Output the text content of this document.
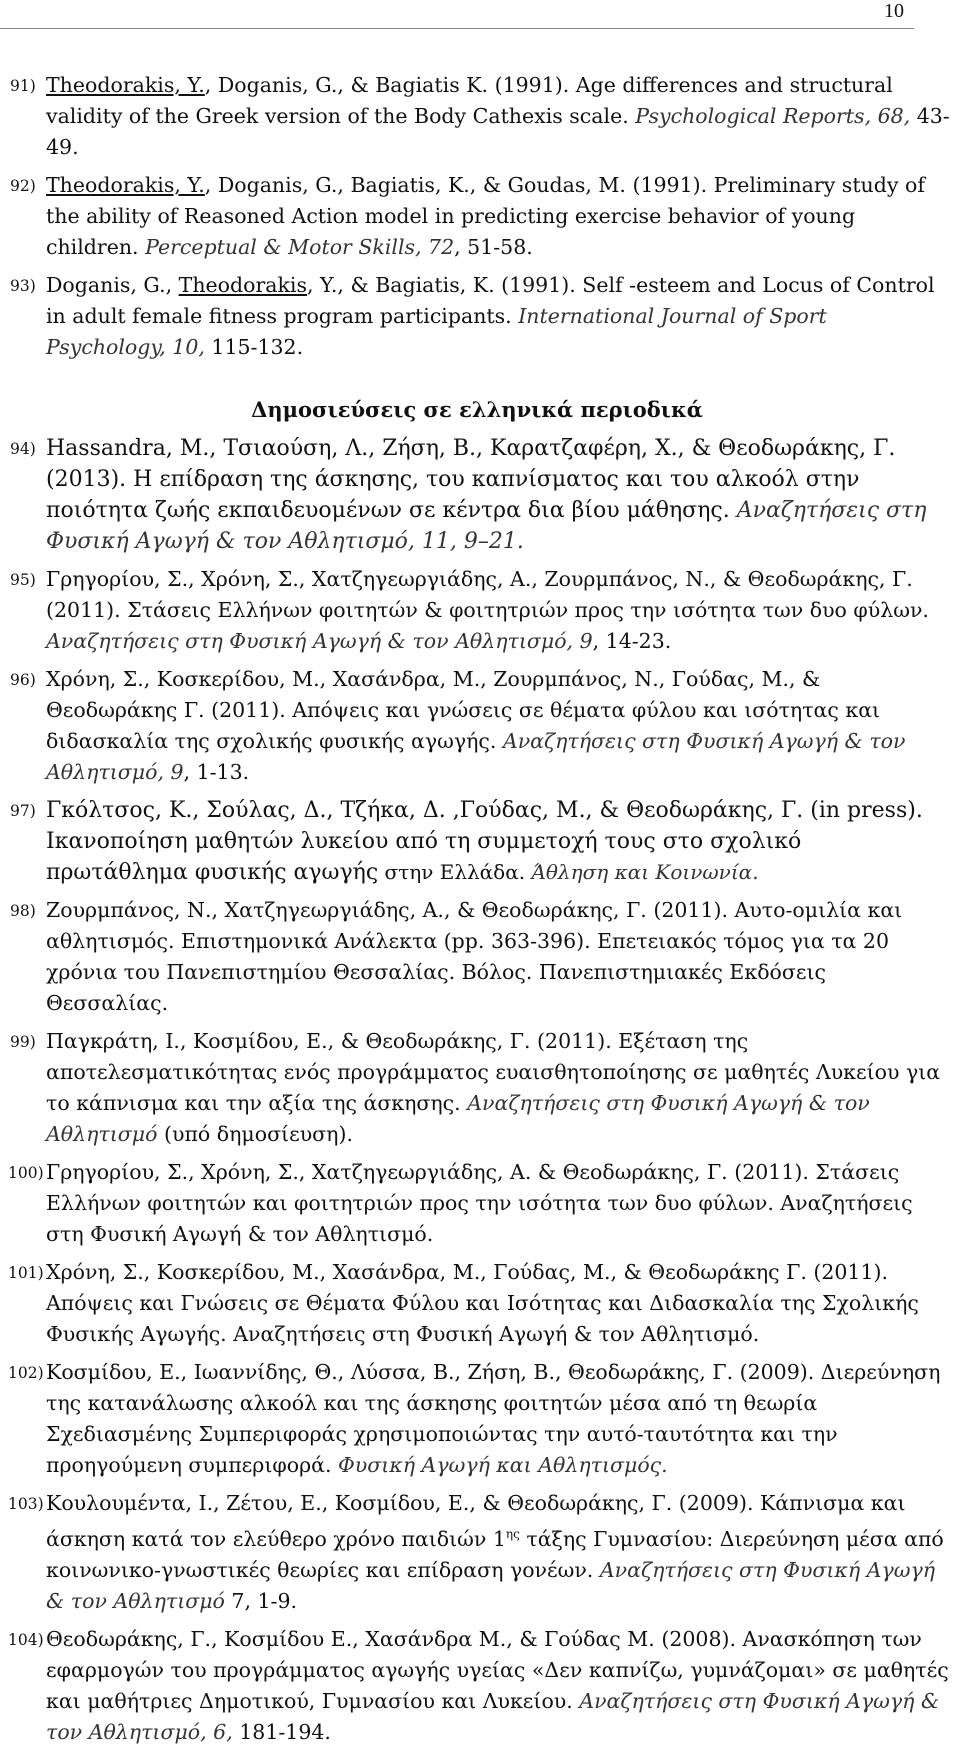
10

91) Theodorakis, Y., Doganis, G., & Bagiatis K. (1991). Age differences and structural validity of the Greek version of the Body Cathexis scale. Psychological Reports, 68, 43-49.

92) Theodorakis, Y., Doganis, G., Bagiatis, K., & Goudas, M. (1991). Preliminary study of the ability of Reasoned Action model in predicting exercise behavior of young children. Perceptual & Motor Skills, 72, 51-58.

93) Doganis, G., Theodorakis, Y., & Bagiatis, K. (1991). Self -esteem and Locus of Control in adult female fitness program participants. International Journal of Sport Psychology, 10, 115-132.

Δημοσιεύσεις σε ελληνικά περιοδικά

94) Hassandra, M., Τσιαούση, Λ., Ζήση, Β., Καρατζαφέρη, Χ., & Θεοδωράκης, Γ. (2013). Η επίδραση της άσκησης, του καπνίσματος και του αλκοόλ στην ποιότητα ζωής εκπαιδευομένων σε κέντρα δια βίου μάθησης. Αναζητήσεις στη Φυσική Αγωγή & τον Αθλητισμό, 11, 9–21.

95) Γρηγορίου, Σ., Χρόνη, Σ., Χατζηγεωργιάδης, Α., Ζουρμπάνος, Ν., & Θεοδωράκης, Γ. (2011). Στάσεις Ελλήνων φοιτητών & φοιτητριών προς την ισότητα των δυο φύλων. Αναζητήσεις στη Φυσική Αγωγή & τον Αθλητισμό, 9, 14-23.

96) Χρόνη, Σ., Κοσκερίδου, Μ., Χασάνδρα, Μ., Ζουρμπάνος, Ν., Γούδας, Μ., & Θεοδωράκης Γ. (2011). Απόψεις και γνώσεις σε θέματα φύλου και ισότητας και διδασκαλία της σχολικής φυσικής αγωγής. Αναζητήσεις στη Φυσική Αγωγή & τον Αθλητισμό, 9, 1-13.

97) Γκόλτσος, Κ., Σούλας, Δ., Τζήκα, Δ. ,Γούδας, Μ., & Θεοδωράκης, Γ. (in press). Ικανοποίηση μαθητών λυκείου από τη συμμετοχή τους στο σχολικό πρωτάθλημα φυσικής αγωγής στην Ελλάδα. Άθληση και Κοινωνία.

98) Ζουρμπάνος, Ν., Χατζηγεωργιάδης, Α., & Θεοδωράκης, Γ. (2011). Αυτο-ομιλία και αθλητισμός. Επιστημονικά Ανάλεκτα (pp. 363-396). Επετειακός τόμος για τα 20 χρόνια του Πανεπιστημίου Θεσσαλίας. Βόλος. Πανεπιστημιακές Εκδόσεις Θεσσαλίας.

99) Παγκράτη, Ι., Κοσμίδου, Ε., & Θεοδωράκης, Γ. (2011). Εξέταση της αποτελεσματικότητας ενός προγράμματος ευαισθητοποίησης σε μαθητές Λυκείου για το κάπνισμα και την αξία της άσκησης. Αναζητήσεις στη Φυσική Αγωγή & τον Αθλητισμό (υπό δημοσίευση).

100) Γρηγορίου, Σ., Χρόνη, Σ., Χατζηγεωργιάδης, Α. & Θεοδωράκης, Γ. (2011). Στάσεις Ελλήνων φοιτητών και φοιτητριών προς την ισότητα των δυο φύλων. Αναζητήσεις στη Φυσική Αγωγή & τον Αθλητισμό.

101) Χρόνη, Σ., Κοσκερίδου, Μ., Χασάνδρα, Μ., Γούδας, Μ., & Θεοδωράκης Γ. (2011). Απόψεις και Γνώσεις σε Θέματα Φύλου και Ισότητας και Διδασκαλία της Σχολικής Φυσικής Αγωγής. Αναζητήσεις στη Φυσική Αγωγή & τον Αθλητισμό.

102) Κοσμίδου, Ε., Ιωαννίδης, Θ., Λύσσα, Β., Ζήση, Β., Θεοδωράκης, Γ. (2009). Διερεύνηση της κατανάλωσης αλκοόλ και της άσκησης φοιτητών μέσα από τη θεωρία Σχεδιασμένης Συμπεριφοράς χρησιμοποιώντας την αυτό-ταυτότητα και την προηγούμενη συμπεριφορά. Φυσική Αγωγή και Αθλητισμός.

103) Κουλουμέντα, Ι., Ζέτου, Ε., Κοσμίδου, Ε., & Θεοδωράκης, Γ. (2009). Κάπνισμα και άσκηση κατά τον ελεύθερο χρόνο παιδιών $1^{\eta\varsigma}$ τάξης Γυμνασίου: Διερεύνηση μέσα από κοινωνικο-γνωστικές θεωρίες και επίδραση γονέων. Αναζητήσεις στη Φυσική Αγωγή & τον Αθλητισμό 7, 1-9.

104) Θεοδωράκης, Γ., Κοσμίδου Ε., Χασάνδρα Μ., & Γούδας Μ. (2008). Ανασκόπηση των εφαρμογών του προγράμματος αγωγής υγείας «Δεν καπνίζω, γυμνάζομαι» σε μαθητές και μαθήτριες Δημοτικού, Γυμνασίου και Λυκείου. Αναζητήσεις στη Φυσική Αγωγή & τον Αθλητισμό, 6, 181-194.
